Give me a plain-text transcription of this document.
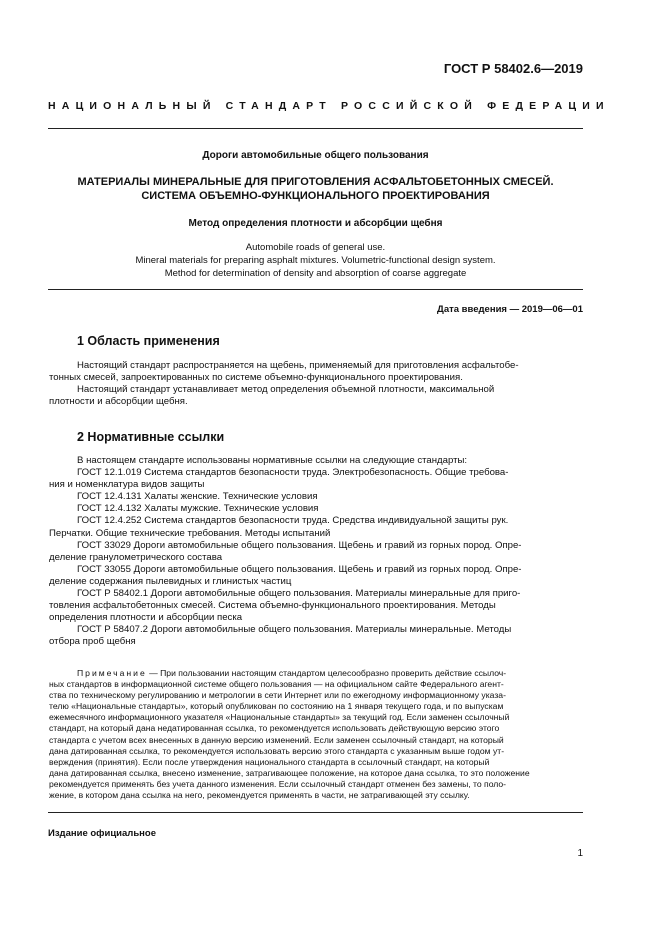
ГОСТ Р 58402.6—2019
НАЦИОНАЛЬНЫЙ СТАНДАРТ РОССИЙСКОЙ ФЕДЕРАЦИИ
Дороги автомобильные общего пользования
МАТЕРИАЛЫ МИНЕРАЛЬНЫЕ ДЛЯ ПРИГОТОВЛЕНИЯ АСФАЛЬТОБЕТОННЫХ СМЕСЕЙ.
СИСТЕМА ОБЪЕМНО-ФУНКЦИОНАЛЬНОГО ПРОЕКТИРОВАНИЯ
Метод определения плотности и абсорбции щебня
Automobile roads of general use.
Mineral materials for preparing asphalt mixtures. Volumetric-functional design system.
Method for determination of density and absorption of coarse aggregate
Дата введения — 2019—06—01
1 Область применения
Настоящий стандарт распространяется на щебень, применяемый для приготовления асфальтобе-
тонных смесей, запроектированных по системе объемно-функционального проектирования.
Настоящий стандарт устанавливает метод определения объемной плотности, максимальной
плотности и абсорбции щебня.
2 Нормативные ссылки
В настоящем стандарте использованы нормативные ссылки на следующие стандарты:
ГОСТ 12.1.019 Система стандартов безопасности труда. Электробезопасность. Общие требова-
ния и номенклатура видов защиты
ГОСТ 12.4.131 Халаты женские. Технические условия
ГОСТ 12.4.132 Халаты мужские. Технические условия
ГОСТ 12.4.252 Система стандартов безопасности труда. Средства индивидуальной защиты рук.
Перчатки. Общие технические требования. Методы испытаний
ГОСТ 33029 Дороги автомобильные общего пользования. Щебень и гравий из горных пород. Опре-
деление гранулометрического состава
ГОСТ 33055 Дороги автомобильные общего пользования. Щебень и гравий из горных пород. Опре-
деление содержания пылевидных и глинистых частиц
ГОСТ Р 58402.1 Дороги автомобильные общего пользования. Материалы минеральные для приго-
товления асфальтобетонных смесей. Система объемно-функционального проектирования. Методы
определения плотности и абсорбции песка
ГОСТ Р 58407.2 Дороги автомобильные общего пользования. Материалы минеральные. Методы
отбора проб щебня
Примечание — При пользовании настоящим стандартом целесообразно проверить действие ссылоч-
ных стандартов в информационной системе общего пользования — на официальном сайте Федерального агент-
ства по техническому регулированию и метрологии в сети Интернет или по ежегодному информационному указа-
телю «Национальные стандарты», который опубликован по состоянию на 1 января текущего года, и по выпускам
ежемесячного информационного указателя «Национальные стандарты» за текущий год. Если заменен ссылочный
стандарт, на который дана недатированная ссылка, то рекомендуется использовать действующую версию этого
стандарта с учетом всех внесенных в данную версию изменений. Если заменен ссылочный стандарт, на который
дана датированная ссылка, то рекомендуется использовать версию этого стандарта с указанным выше годом ут-
верждения (принятия). Если после утверждения национального стандарта в ссылочный стандарт, на который
дана датированная ссылка, внесено изменение, затрагивающее положение, на которое дана ссылка, то это положение
рекомендуется применять без учета данного изменения. Если ссылочный стандарт отменен без замены, то поло-
жение, в котором дана ссылка на него, рекомендуется применять в части, не затрагивающей эту ссылку.
Издание официальное
1
